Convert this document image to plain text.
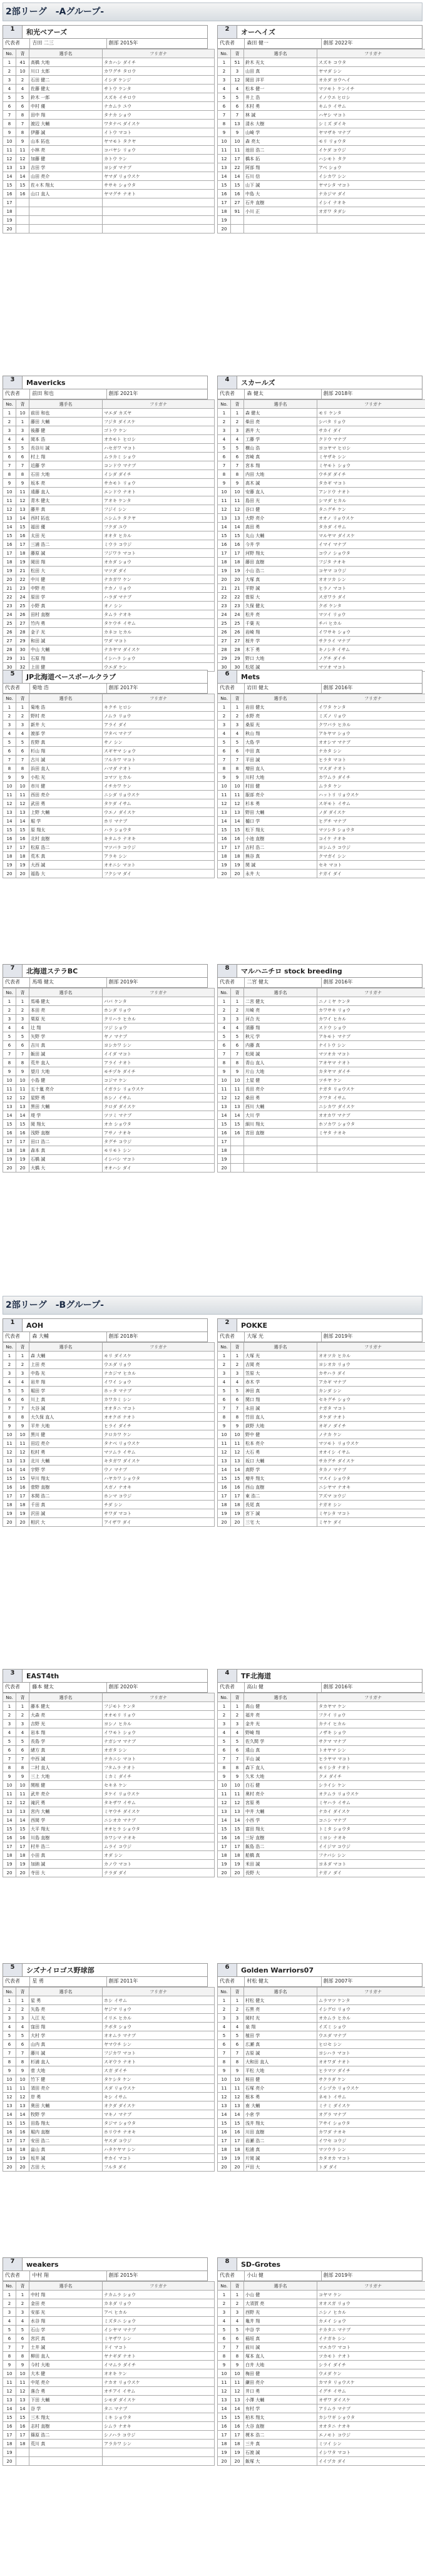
2部リーグ　-Aグループ-
1	和光ベアーズ
代表者	吉田 二三	創部 2015年
No.	背	選手名	フリガナ
1	41	高橋 大地	タカハシ ダイチ
2	10	川口 太郎	カワグチ タロウ
3	2	石田 健二	イシダ ケンジ
4	4	佐藤 健太	サトウ ケンタ
5	5	鈴木 一郎	スズキ イチロウ
6	6	中村 優	ナカムラ ユウ
7	8	田中 翔	タナカ ショウ
8	7	渡辺 大輔	ワタナベ ダイスケ
9	8	伊藤 誠	イトウ マコト
10	9	山本 拓也	ヤマモト タクヤ
11	11	小林 亮	コバヤシ リョウ
12	12	加藤 健	カトウ ケン
13	13	吉田 学	ヨシダ マナブ
14	14	山田 亮介	ヤマダ リョウスケ
15	15	佐々木 翔太	ササキ ショウタ
16	16	山口 直人	ヤマグチ ナオト
17			
18			
19			
20			
2	オーヘイズ
代表者	森田 健一	創部 2022年
No.	背	選手名	フリガナ
1	51	鈴木 光太	スズキ コウタ
2	3	山田 真	ヤマダ シン
3	12	岡田 洋平	オカダ ヨウヘイ
4	4	松本 健一	マツモト ケンイチ
5	5	井上 浩	イノウエ ヒロシ
6	6	木村 勇	キムラ イサム
7	7	林 誠	ハヤシ マコト
8	13	清水 大樹	シミズ ダイキ
9	9	山崎 学	ヤマザキ マナブ
10	10	森 亮太	モリ リョウタ
11	11	池田 浩二	イケダ コウジ
12	17	橋本 拓	ハシモト タク
13	22	阿部 翔	アベ ショウ
14	14	石川 信	イシカワ シン
15	15	山下 誠	ヤマシタ マコト
16	16	中島 大	ナカジマ ダイ
17	27	石井 直樹	イシイ ナオキ
18	91	小川 正	オガワ タダシ
19			
20			
3	Mavericks
代表者	前田 和也	創部 2021年
No.	背	選手名	フリガナ
1	10	前田 和也	マエダ カズヤ
2	1	藤田 大輔	フジタ ダイスケ
3	3	後藤 健	ゴトウ ケン
4	4	岡本 浩	オカモト ヒロシ
5	5	長谷川 誠	ハセガワ マコト
6	6	村上 翔	ムラカミ ショウ
7	7	近藤 学	コンドウ マナブ
8	8	石田 大地	イシダ ダイチ
9	9	坂本 亮	サカモト リョウ
10	11	遠藤 直人	エンドウ ナオト
11	12	青木 健太	アオキ ケンタ
12	13	藤井 真	フジイ シン
13	14	西村 拓也	ニシムラ タクヤ
14	15	福田 優	フクダ ユウ
15	16	太田 光	オオタ ヒカル
16	17	三浦 浩二	ミウラ コウジ
17	18	藤原 誠	フジワラ マコト
18	19	岡田 翔	オカダ ショウ
19	21	松田 大	マツダ ダイ
20	22	中川 健	ナカガワ ケン
21	23	中野 亮	ナカノ リョウ
22	24	原田 学	ハラダ マナブ
23	25	小野 真	オノ シン
24	26	田村 直樹	タムラ ナオキ
25	27	竹内 勇	タケウチ イサム
26	28	金子 光	カネコ ヒカル
27	29	和田 誠	ワダ マコト
28	30	中山 大輔	ナカヤマ ダイスケ
29	31	石原 翔	イシハラ ショウ
30	32	上田 健	ウエダ ケン
4	スカールズ
代表者	森 健太	創部 2018年
No.	背	選手名	フリガナ
1	1	森 健太	モリ ケンタ
2	2	柴田 亮	シバタ リョウ
3	3	酒井 大	サカイ ダイ
4	4	工藤 学	クドウ マナブ
5	5	横山 浩	ヨコヤマ ヒロシ
6	6	宮崎 真	ミヤザキ シン
7	7	宮本 翔	ミヤモト ショウ
8	8	内田 大地	ウチダ ダイチ
9	9	高木 誠	タカギ マコト
10	10	安藤 直人	アンドウ ナオト
11	11	島田 光	シマダ ヒカル
12	12	谷口 健	タニグチ ケン
13	13	大野 亮介	オオノ リョウスケ
14	14	高田 勇	タカダ イサム
15	15	丸山 大輔	マルヤマ ダイスケ
16	16	今井 学	イマイ マナブ
17	17	河野 翔太	コウノ ショウタ
18	18	藤田 直樹	フジタ ナオキ
19	19	小山 浩二	コヤマ コウジ
20	20	大塚 真	オオツカ シン
21	21	平野 誠	ヒラノ マコト
22	22	菅原 大	スガワラ ダイ
23	23	久保 健太	クボ ケンタ
24	24	松井 亮	マツイ リョウ
25	25	千葉 光	チバ ヒカル
26	26	岩崎 翔	イワサキ ショウ
27	27	桜井 学	サクライ マナブ
28	28	木下 勇	キノシタ イサム
29	29	野口 大地	ノグチ ダイチ
30	30	松尾 誠	マツオ マコト
5	JP北海道ベースボールクラブ
代表者	菊地 浩	創部 2017年
No.	背	選手名	フリガナ
1	1	菊地 浩	キクチ ヒロシ
2	2	野村 亮	ノムラ リョウ
3	3	新井 大	アライ ダイ
4	4	渡部 学	ワタベ マナブ
5	5	佐野 真	サノ シン
6	6	杉山 翔	スギヤマ ショウ
7	7	古川 誠	フルカワ マコト
8	8	浜田 直人	ハマダ ナオト
9	9	小松 光	コマツ ヒカル
10	10	市川 健	イチカワ ケン
11	11	西田 亮介	ニシダ リョウスケ
12	12	武田 勇	タケダ イサム
13	13	上野 大輔	ウエノ ダイスケ
14	14	堀 学	ホリ マナブ
15	15	原 翔太	ハラ ショウタ
16	16	北村 直樹	キタムラ ナオキ
17	17	松原 浩二	マツバラ コウジ
18	18	荒木 真	アラキ シン
19	19	大西 誠	オオニシ マコト
20	20	福島 大	フクシマ ダイ
6	Mets
代表者	岩田 健太	創部 2016年
No.	背	選手名	フリガナ
1	1	岩田 健太	イワタ ケンタ
2	2	水野 亮	ミズノ リョウ
3	3	桑原 光	クワバラ ヒカル
4	4	秋山 翔	アキヤマ ショウ
5	5	大島 学	オオシマ マナブ
6	6	中田 真	ナカタ シン
7	7	平田 誠	ヒラタ マコト
8	8	増田 直人	マスダ ナオト
9	9	川村 大地	カワムラ ダイチ
10	10	村田 健	ムラタ ケン
11	11	服部 亮介	ハットリ リョウスケ
12	12	杉本 勇	スギモト イサム
13	13	野田 大輔	ノダ ダイスケ
14	14	樋口 学	ヒグチ マナブ
15	15	松下 翔太	マツシタ ショウタ
16	16	小池 直樹	コイケ ナオキ
17	17	吉村 浩二	ヨシムラ コウジ
18	18	熊谷 真	クマガイ シン
19	19	関 誠	セキ マコト
20	20	永井 大	ナガイ ダイ
7	北海道ステラBC
代表者	馬場 健太	創部 2019年
No.	背	選手名	フリガナ
1	1	馬場 健太	ババ ケンタ
2	2	本田 亮	ホンダ リョウ
3	3	栗原 光	クリハラ ヒカル
4	4	辻 翔	ツジ ショウ
5	5	矢野 学	ヤノ マナブ
6	6	吉川 真	ヨシカワ シン
7	7	飯田 誠	イイダ マコト
8	8	荒井 直人	アライ ナオト
9	9	望月 大地	モチヅキ ダイチ
10	10	小島 健	コジマ ケン
11	11	五十嵐 亮介	イガラシ リョウスケ
12	12	星野 勇	ホシノ イサム
13	13	黒田 大輔	クロダ ダイスケ
14	14	堤 学	ツツミ マナブ
15	15	岡 翔太	オカ ショウタ
16	16	浅野 直樹	アサノ ナオキ
17	17	田口 浩二	タグチ コウジ
18	18	森本 真	モリモト シン
19	19	石橋 誠	イシバシ マコト
20	20	大橋 大	オオハシ ダイ
8	マルハニチロ stock breeding
代表者	二宮 健太	創部 2016年
No.	背	選手名	フリガナ
1	1	二宮 健太	ニノミヤ ケンタ
2	2	川崎 亮	カワサキ リョウ
3	3	河合 光	カワイ ヒカル
4	4	須藤 翔	スドウ ショウ
5	5	秋元 学	アキモト マナブ
6	6	内藤 真	ナイトウ シン
7	7	松岡 誠	マツオカ マコト
8	8	青山 直人	アオヤマ ナオト
9	9	片山 大地	カタヤマ ダイチ
10	10	土屋 健	ツチヤ ケン
11	11	長田 亮介	ナガタ リョウスケ
12	12	桑田 勇	クワタ イサム
13	13	西川 大輔	ニシカワ ダイスケ
14	14	大川 学	オオカワ マナブ
15	15	細川 翔太	ホソカワ ショウタ
16	16	宮田 直樹	ミヤタ ナオキ
17			
18			
19			
20			
2部リーグ　-Bグループ-
1	AOH
代表者	森 大輔	創部 2018年
No.	背	選手名	フリガナ
1	1	森 大輔	モリ ダイスケ
2	2	上田 亮	ウエダ リョウ
3	3	中島 光	ナカジマ ヒカル
4	4	岩井 翔	イワイ ショウ
5	5	堀田 学	ホッタ マナブ
6	6	川上 真	カワカミ シン
7	7	大谷 誠	オオタニ マコト
8	8	大久保 直人	オオクボ ナオト
9	9	平井 大地	ヒライ ダイチ
10	10	黒川 健	クロカワ ケン
11	11	田辺 亮介	タナベ リョウスケ
12	12	松村 勇	マツムラ イサム
13	13	北川 大輔	キタガワ ダイスケ
14	14	宇野 学	ウノ マナブ
15	15	早川 翔太	ハヤカワ ショウタ
16	16	菅野 直樹	スガノ ナオキ
17	17	本間 浩二	ホンマ コウジ
18	18	千田 真	チダ シン
19	19	沢田 誠	サワダ マコト
20	20	相沢 大	アイザワ ダイ
2	POKKE
代表者	大塚 光	創部 2019年
No.	背	選手名	フリガナ
1	1	大塚 光	オオツカ ヒカル
2	2	吉岡 亮	ヨシオカ リョウ
3	3	笠原 大	カサハラ ダイ
4	4	赤木 学	アカギ マナブ
5	5	神田 真	カンダ シン
6	6	関口 翔	セキグチ ショウ
7	7	永田 誠	ナガタ マコト
8	8	竹田 直人	タケダ ナオト
9	9	荻野 大地	オギノ ダイチ
10	10	野中 健	ノナカ ケン
11	11	松本 亮介	マツモト リョウスケ
12	12	大石 勇	オオイシ イサム
13	13	坂口 大輔	サカグチ ダイスケ
14	14	高野 学	タカノ マナブ
15	15	増井 翔太	マスイ ショウタ
16	16	西山 直樹	ニシヤマ ナオキ
17	17	東 浩二	アズマ コウジ
18	18	長尾 真	ナガオ シン
19	19	宮下 誠	ミヤシタ マコト
20	20	三宅 大	ミヤケ ダイ
3	EAST4th
代表者	藤本 健太	創部 2020年
No.	背	選手名	フリガナ
1	1	藤本 健太	フジモト ケンタ
2	2	大森 亮	オオモリ リョウ
3	3	吉野 光	ヨシノ ヒカル
4	4	岩本 翔	イワモト ショウ
5	5	長島 学	ナガシマ マナブ
6	6	緒方 真	オガタ シン
7	7	中西 誠	ナカニシ マコト
8	8	二村 直人	フタムラ ナオト
9	9	三上 大地	ミカミ ダイチ
10	10	関根 健	セキネ ケン
11	11	武井 亮介	タケイ リョウスケ
12	12	滝沢 勇	タキザワ イサム
13	13	宮内 大輔	ミヤウチ ダイスケ
14	14	西岡 学	ニシオカ マナブ
15	15	大平 翔太	オオヒラ ショウタ
16	16	川島 直樹	カワシマ ナオキ
17	17	村井 浩二	ムライ コウジ
18	18	小田 真	オダ シン
19	19	加納 誠	カノウ マコト
20	20	寺田 大	テラダ ダイ
4	TF北海道
代表者	高山 健	創部 2016年
No.	背	選手名	フリガナ
1	1	高山 健	タカヤマ ケン
2	2	福井 亮	フクイ リョウ
3	3	金井 光	カナイ ヒカル
4	4	野崎 翔	ノザキ ショウ
5	5	佐久間 学	サクマ マナブ
6	6	遠山 真	トオヤマ シン
7	7	平山 誠	ヒラヤマ マコト
8	8	森下 直人	モリシタ ナオト
9	9	久米 大地	クメ ダイチ
10	10	白石 健	シライシ ケン
11	11	奥村 亮介	オクムラ リョウスケ
12	12	宮原 勇	ミヤハラ イサム
13	13	中井 大輔	ナカイ ダイスケ
14	14	小西 学	コニシ マナブ
15	15	富田 翔太	トミタ ショウタ
16	16	三好 直樹	ミヨシ ナオキ
17	17	飯島 浩二	イイジマ コウジ
18	18	船橋 真	フナバシ シン
19	19	米田 誠	ヨネダ マコト
20	20	長野 大	ナガノ ダイ
5	シズナイロゴス野球部
代表者	星 勇	創部 2011年
No.	背	選手名	フリガナ
1	1	星 勇	ホシ イサム
2	2	矢島 亮	ヤジマ リョウ
3	3	入江 光	イリエ ヒカル
4	4	窪田 翔	クボタ ショウ
5	5	大村 学	オオムラ マナブ
6	6	山内 真	ヤマウチ シン
7	7	藤川 誠	フジカワ マコト
8	8	杉浦 直人	スギウラ ナオト
9	9	菅 大地	スガ ダイチ
10	10	竹下 健	タケシタ ケン
11	11	須田 亮介	スダ リョウスケ
12	12	岸 勇	キシ イサム
13	13	奥田 大輔	オクダ ダイスケ
14	14	牧野 学	マキノ マナブ
15	15	田島 翔太	タジマ ショウタ
16	16	堀内 直樹	ホリウチ ナオキ
17	17	安田 浩二	ヤスダ コウジ
18	18	畠山 真	ハタケヤマ シン
19	19	坂井 誠	サカイ マコト
20	20	古田 大	フルタ ダイ
6	Golden Warriors07
代表者	村松 健太	創部 2007年
No.	背	選手名	フリガナ
1	1	村松 健太	ムラマツ ケンタ
2	2	石黒 亮	イシグロ リョウ
3	3	岡村 光	オカムラ ヒカル
4	4	泉 翔	イズミ ショウ
5	5	植田 学	ウエダ マナブ
6	6	広瀬 真	ヒロセ シン
7	7	吉原 誠	ヨシハラ マコト
8	8	大和田 直人	オオワダ ナオト
9	9	平松 大地	ヒラマツ ダイチ
10	10	桜田 健	サクラダ ケン
11	11	石塚 亮介	イシヅカ リョウスケ
12	12	根本 勇	ネモト イサム
13	13	南 大輔	ミナミ ダイスケ
14	14	小倉 学	オグラ マナブ
15	15	浅井 翔太	アサイ ショウタ
16	16	川田 直樹	カワダ ナオキ
17	17	岩瀬 浩二	イワセ コウジ
18	18	松浦 真	マツウラ シン
19	19	片岡 誠	カタオカ マコト
20	20	戸田 大	トダ ダイ
7	weakers
代表者	中村 翔	創部 2015年
No.	背	選手名	フリガナ
1	1	中村 翔	ナカムラ ショウ
2	2	金田 亮	カネダ リョウ
3	3	安部 光	アベ ヒカル
4	4	水谷 翔	ミズタニ ショウ
5	5	石山 学	イシヤマ マナブ
6	6	宮沢 真	ミヤザワ シン
7	7	土井 誠	ドイ マコト
8	8	柳田 直人	ヤナギダ ナオト
9	9	今村 大地	イマムラ ダイチ
10	10	大木 健	オオキ ケン
11	11	中尾 亮介	ナカオ リョウスケ
12	12	落合 勇	オチアイ イサム
13	13	下田 大輔	シモダ ダイスケ
14	14	谷 学	タニ マナブ
15	15	三木 翔太	ミキ ショウタ
16	16	志村 直樹	シムラ ナオキ
17	17	篠原 浩二	シノハラ コウジ
18	18	荒川 真	アラカワ シン
19			
20			
8	SD-Grotes
代表者	小山 健	創部 2019年
No.	背	選手名	フリガナ
1	1	小山 健	コヤマ ケン
2	2	大須賀 亮	オオスガ リョウ
3	3	西野 光	ニシノ ヒカル
4	4	亀井 翔	カメイ ショウ
5	5	中谷 学	ナカタニ マナブ
6	6	稲垣 真	イナガキ シン
7	7	前川 誠	マエカワ マコト
8	8	塚本 直人	ツカモト ナオト
9	9	白井 大地	シライ ダイチ
10	10	梅田 健	ウメダ ケン
11	11	鎌田 亮介	カマタ リョウスケ
12	12	井口 勇	イグチ イサム
13	13	小澤 大輔	オザワ ダイスケ
14	14	有村 学	アリムラ マナブ
15	15	柏木 翔太	カシワギ ショウタ
16	16	大谷 直樹	オオタニ ナオキ
17	17	榎本 浩二	エノモト コウジ
18	18	三井 真	ミツイ シン
19	19	石渡 誠	イシワタ マコト
20	20	飯塚 大	イイヅカ ダイ
